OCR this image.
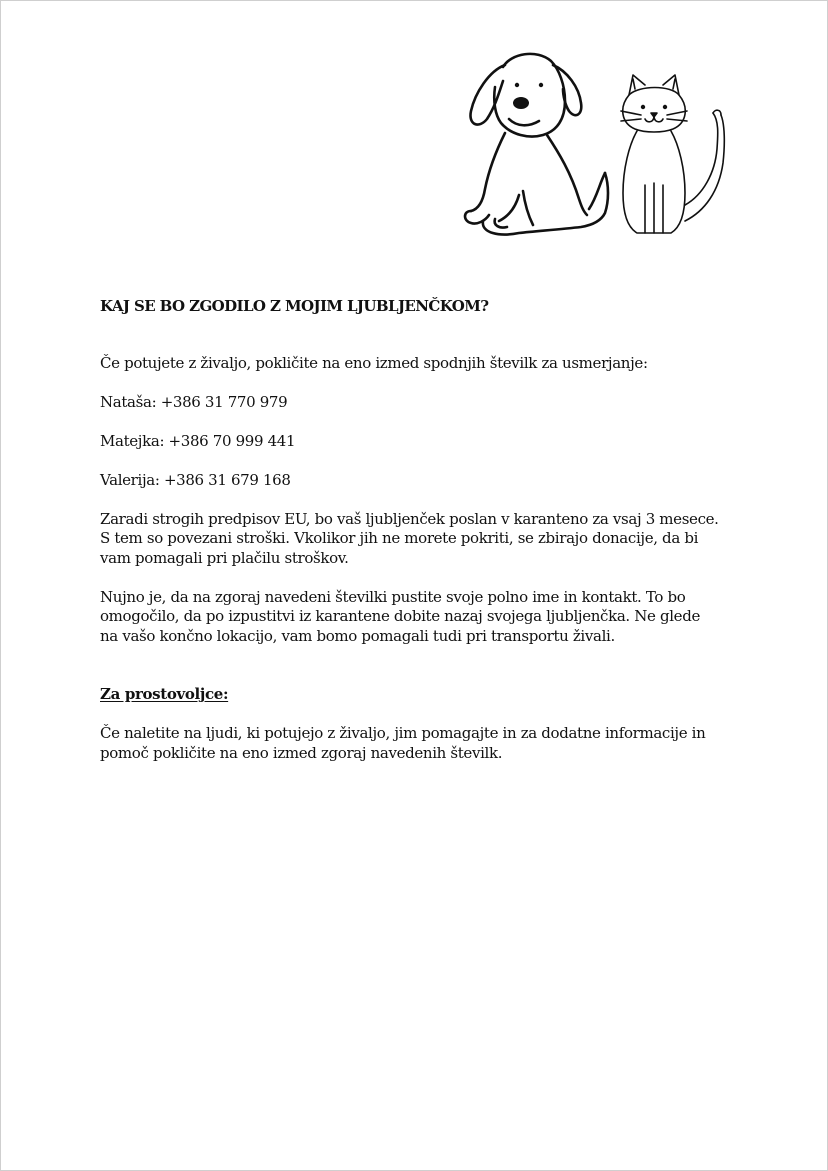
KAJ SE BO ZGODILO Z MOJIM LJUBLJENČKOM?

Če potujete z živaljo, pokličite na eno izmed spodnjih številk za usmerjanje:

Nataša: +386 31 770 979

Matejka: +386 70 999 441

Valerija: +386 31 679 168

Zaradi strogih predpisov EU, bo vaš ljubljenček poslan v karanteno za vsaj 3 mesece. S tem so povezani stroški. Vkolikor jih ne morete pokriti, se zbirajo donacije, da bi vam pomagali pri plačilu stroškov.

Nujno je, da na zgoraj navedeni številki pustite svoje polno ime in kontakt. To bo omogočilo, da po izpustitvi iz karantene dobite nazaj svojega ljubljenčka. Ne glede na vašo končno lokacijo, vam bomo pomagali tudi pri transportu živali.

Za prostovoljce:

Če naletite na ljudi, ki potujejo z živaljo, jim pomagajte in za dodatne informacije in pomoč pokličite na eno izmed zgoraj navedenih številk.
